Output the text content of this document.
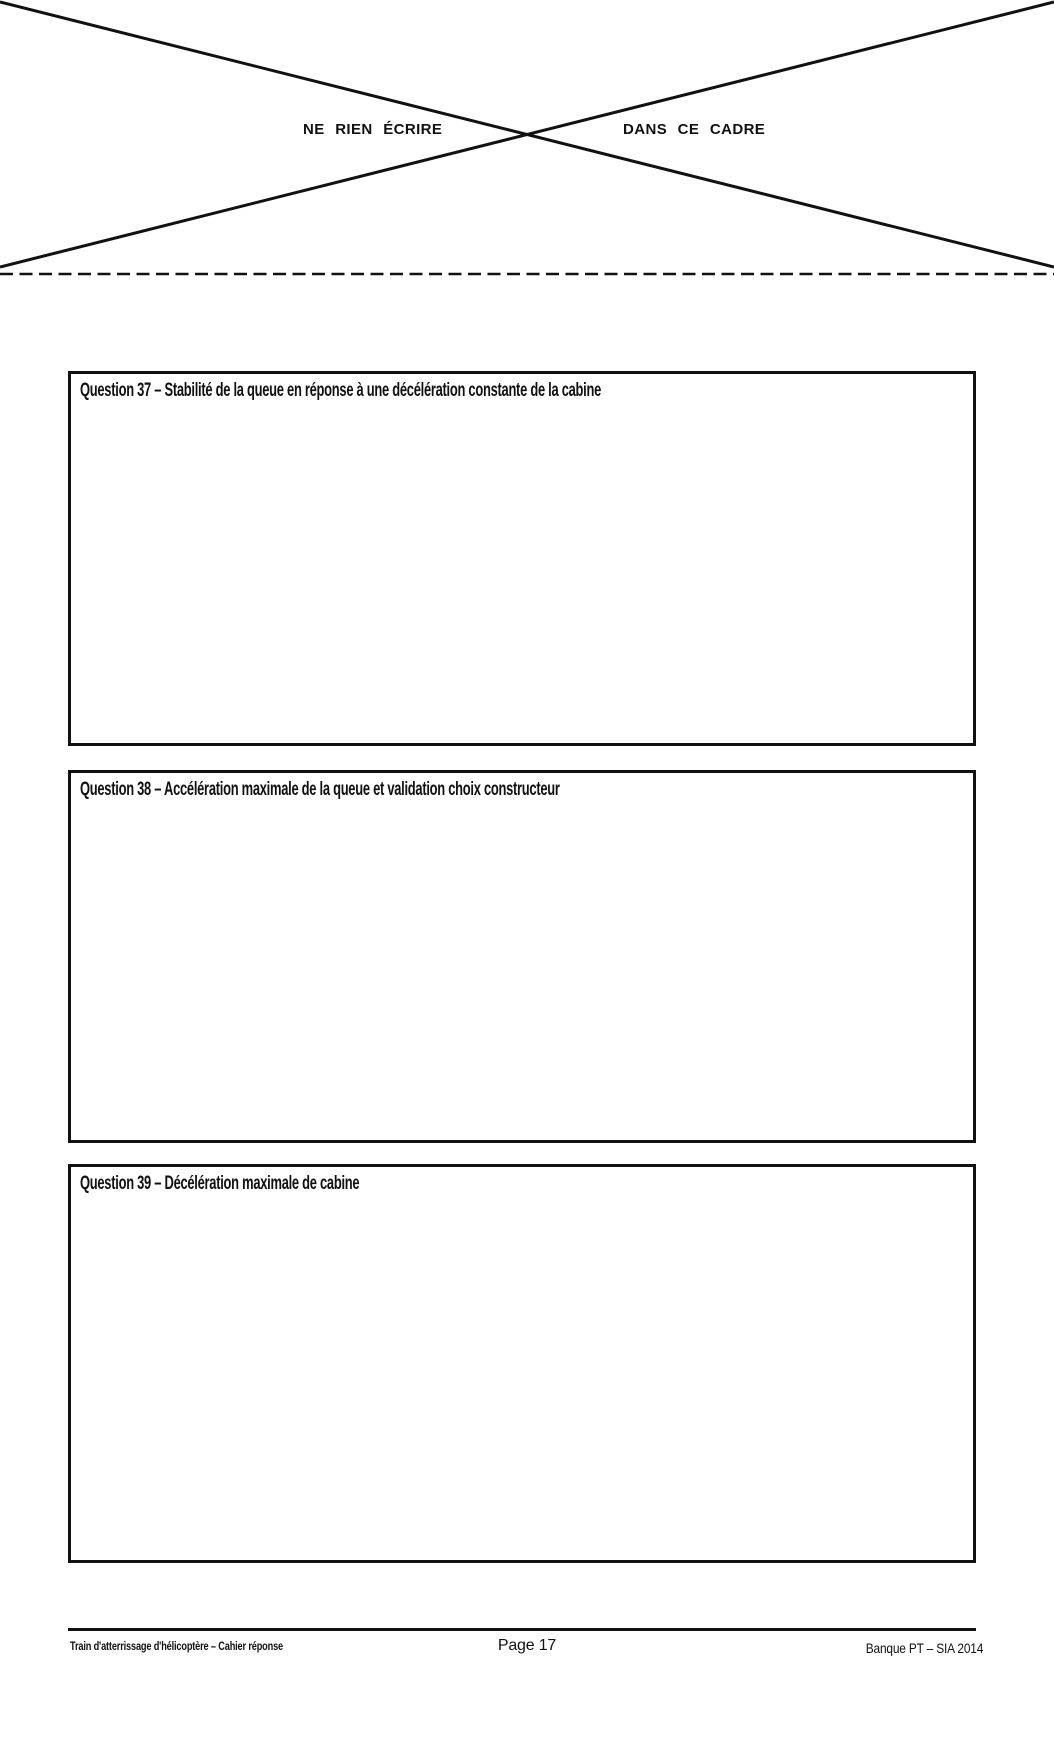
NE RIEN ÉCRIRE	DANS CE CADRE
Question 37 – Stabilité de la queue en réponse à une décélération constante de la cabine
Question 38 – Accélération maximale de la queue et validation choix constructeur
Question 39 – Décélération maximale de cabine
Train d'atterrissage d'hélicoptère – Cahier réponse	Page 17	Banque PT – SIA 2014
